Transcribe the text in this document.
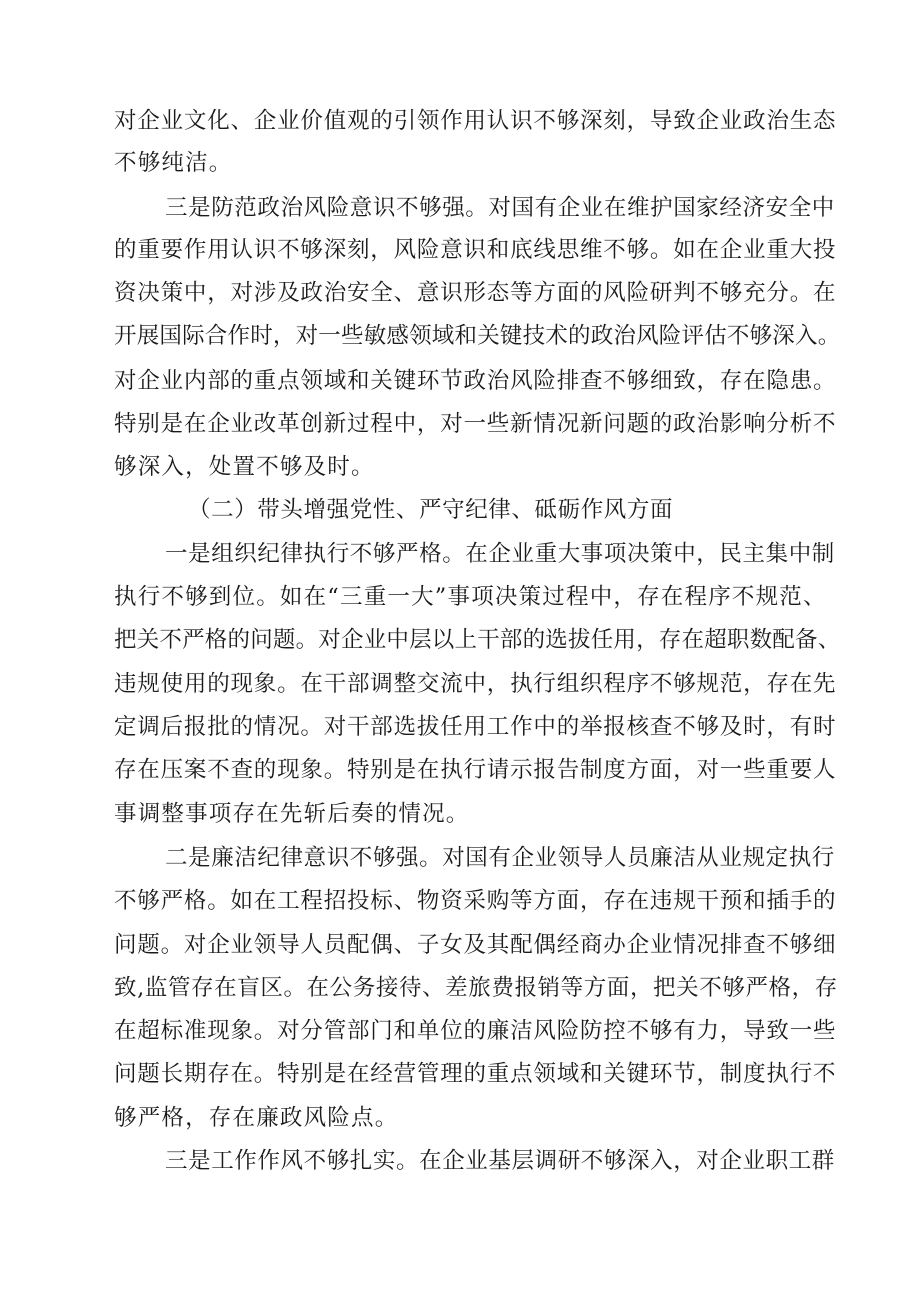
对企业文化、企业价值观的引领作用认识不够深刻，导致企业政治生态
不够纯洁。
三是防范政治风险意识不够强。对国有企业在维护国家经济安全中
的重要作用认识不够深刻，风险意识和底线思维不够。如在企业重大投
资决策中，对涉及政治安全、意识形态等方面的风险研判不够充分。在
开展国际合作时，对一些敏感领域和关键技术的政治风险评估不够深入。
对企业内部的重点领域和关键环节政治风险排查不够细致，存在隐患。
特别是在企业改革创新过程中，对一些新情况新问题的政治影响分析不
够深入，处置不够及时。
（二）带头增强党性、严守纪律、砥砺作风方面
一是组织纪律执行不够严格。在企业重大事项决策中，民主集中制
执行不够到位。如在“三重一大”事项决策过程中，存在程序不规范、
把关不严格的问题。对企业中层以上干部的选拔任用，存在超职数配备、
违规使用的现象。在干部调整交流中，执行组织程序不够规范，存在先
定调后报批的情况。对干部选拔任用工作中的举报核查不够及时，有时
存在压案不查的现象。特别是在执行请示报告制度方面，对一些重要人
事调整事项存在先斩后奏的情况。
二是廉洁纪律意识不够强。对国有企业领导人员廉洁从业规定执行
不够严格。如在工程招投标、物资采购等方面，存在违规干预和插手的
问题。对企业领导人员配偶、子女及其配偶经商办企业情况排查不够细
致,监管存在盲区。在公务接待、差旅费报销等方面，把关不够严格，存
在超标准现象。对分管部门和单位的廉洁风险防控不够有力，导致一些
问题长期存在。特别是在经营管理的重点领域和关键环节，制度执行不
够严格，存在廉政风险点。
三是工作作风不够扎实。在企业基层调研不够深入，对企业职工群
